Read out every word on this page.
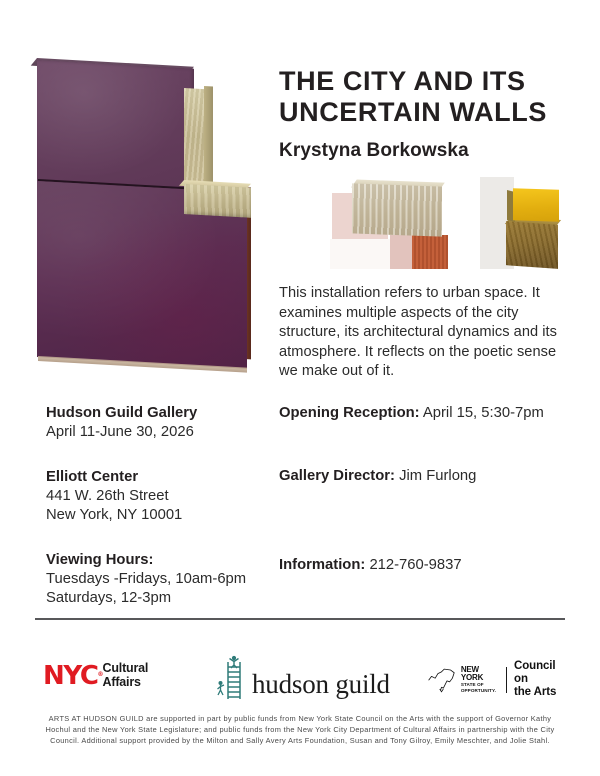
THE CITY AND ITS
UNCERTAIN WALLS
Krystyna Borkowska
This installation refers to urban space. It examines multiple aspects of the city structure, its architectural dynamics and its atmosphere. It reflects on the poetic sense we make out of it.
Hudson Guild Gallery
April 11-June 30, 2026
Elliott Center
441 W. 26th Street
New York, NY 10001
Viewing Hours:
Tuesdays -Fridays, 10am-6pm
Saturdays, 12-3pm
Opening Reception: April 15, 5:30-7pm
Gallery Director: Jim Furlong
Information: 212-760-9837
NYC ® Cultural
Affairs	hudson guild	NEW YORK
STATE OF
OPPORTUNITY.
Council on
the Arts
ARTS AT HUDSON GUILD are supported in part by public funds from New York State Council on the Arts with the support of Governor Kathy Hochul and the New York State Legislature; and public funds from the New York City Department of Cultural Affairs in partnership with the City Council. Additional support provided by the Milton and Sally Avery Arts Foundation, Susan and Tony Gilroy, Emily Meschter, and Jolie Stahl.
